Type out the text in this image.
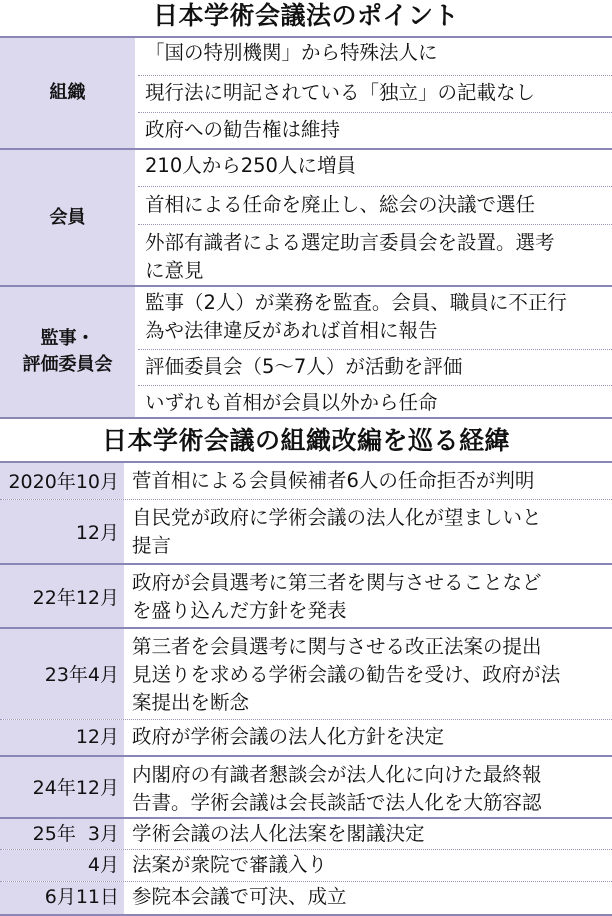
日本学術会議法のポイント
組織
「国の特別機関」から特殊法人に
現行法に明記されている「独立」の記載なし
政府への勧告権は維持
会員
210人から250人に増員
首相による任命を廃止し、総会の決議で選任
外部有識者による選定助言委員会を設置。選考
に意見
監事・
評価委員会
監事（2人）が業務を監査。会員、職員に不正行
為や法律違反があれば首相に報告
評価委員会（5〜7人）が活動を評価
いずれも首相が会員以外から任命
日本学術会議の組織改編を巡る経緯
2020年10月 菅首相による会員候補者6人の任命拒否が判明
12月
自民党が政府に学術会議の法人化が望ましいと
提言
22年12月
政府が会員選考に第三者を関与させることなど
を盛り込んだ方針を発表
23年4月
第三者を会員選考に関与させる改正法案の提出
見送りを求める学術会議の勧告を受け、政府が法
案提出を断念
12月 政府が学術会議の法人化方針を決定
24年12月
内閣府の有識者懇談会が法人化に向けた最終報
告書。学術会議は会長談話で法人化を大筋容認
25年  3月 学術会議の法人化法案を閣議決定
4月 法案が衆院で審議入り
6月11日 参院本会議で可決、成立
